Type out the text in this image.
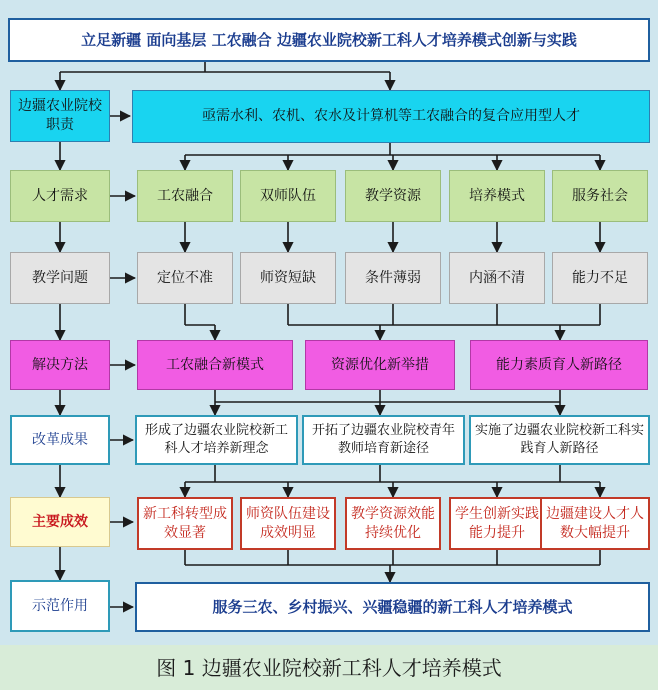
立足新疆 面向基层 工农融合 边疆农业院校新工科人才培养模式创新与实践
边疆农业院校职责
人才需求
教学问题
解决方法
改革成果
主要成效
示范作用
亟需水利、农机、农水及计算机等工农融合的复合应用型人才
工农融合	双师队伍	教学资源	培养模式	服务社会
定位不准	师资短缺	条件薄弱	内涵不清	能力不足
工农融合新模式	资源优化新举措	能力素质育人新路径
形成了边疆农业院校新工科人才培养新理念
开拓了边疆农业院校青年教师培育新途径
实施了边疆农业院校新工科实践育人新路径
新工科转型成效显著
师资队伍建设成效明显
教学资源效能持续优化
学生创新实践能力提升
边疆建设人才人数大幅提升
服务三农、乡村振兴、兴疆稳疆的新工科人才培养模式
图 1 边疆农业院校新工科人才培养模式
